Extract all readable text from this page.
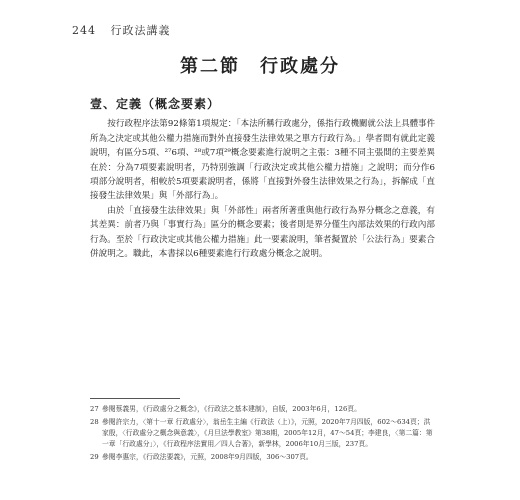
244 行政法講義
第二節　行政處分
壹、定義（概念要素）

按行政程序法第92條第1項規定：「本法所稱行政處分，係指行政機關就公法上具體事件所為之決定或其他公權力措施而對外直接發生法律效果之單方行政行為。」學者間有就此定義說明，有區分5項、²⁷6項、²⁸或7項²⁹概念要素進行說明之主張：3種不同主張間的主要差異在於：分為7項要素說明者，乃特別強調「行政決定或其他公權力措施」之說明；而分作6項部分說明者，相較於5項要素說明者，係將「直接對外發生法律效果之行為」，拆解成「直接發生法律效果」與「外部行為」。

由於「直接發生法律效果」與「外部性」兩者所著重與他行政行為界分概念之意義，有其差異：前者乃與「事實行為」區分的概念要素；後者則是界分僅生內部法效果的行政內部行為。至於「行政決定或其他公權力措施」此一要素說明，筆者擬置於「公法行為」要素合併說明之。職此，本書採以6種要素進行行政處分概念之說明。

27 參閱蔡義男，《行政處分之概念》，《行政法之基本建制》，自版，2003年6月，126頁。
28 參閱許宗力，〈第十一章 行政處分〉，翁岳生主編《行政法（上）》，元照，2020年7月四版，602～634頁；洪家殷，〈行政處分之概念與意義〉，《月旦法學教室》第38期，2005年12月，47～54頁；李建良，〈第二篇：第一章「行政處分」〉，《行政程序法實用／四人合著》，新學林，2006年10月三版，237頁。
29 參閱李惠宗，《行政法要義》，元照，2008年9月四版，306～307頁。
